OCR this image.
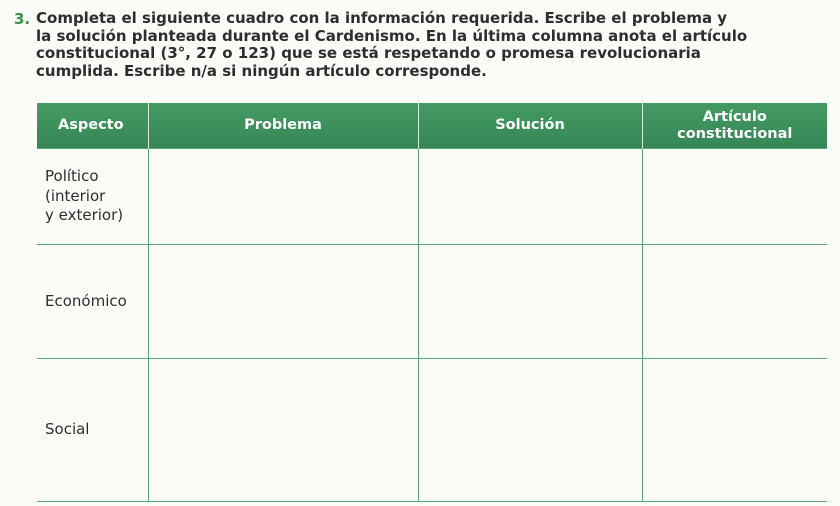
3. Completa el siguiente cuadro con la información requerida. Escribe el problema y
la solución planteada durante el Cardenismo. En la última columna anota el artículo
constitucional (3°, 27 o 123) que se está respetando o promesa revolucionaria
cumplida. Escribe n/a si ningún artículo corresponde.
Aspecto	Problema	Solución	Artículo
constitucional

Político
(interior
y exterior)			

Económico			

Social			
